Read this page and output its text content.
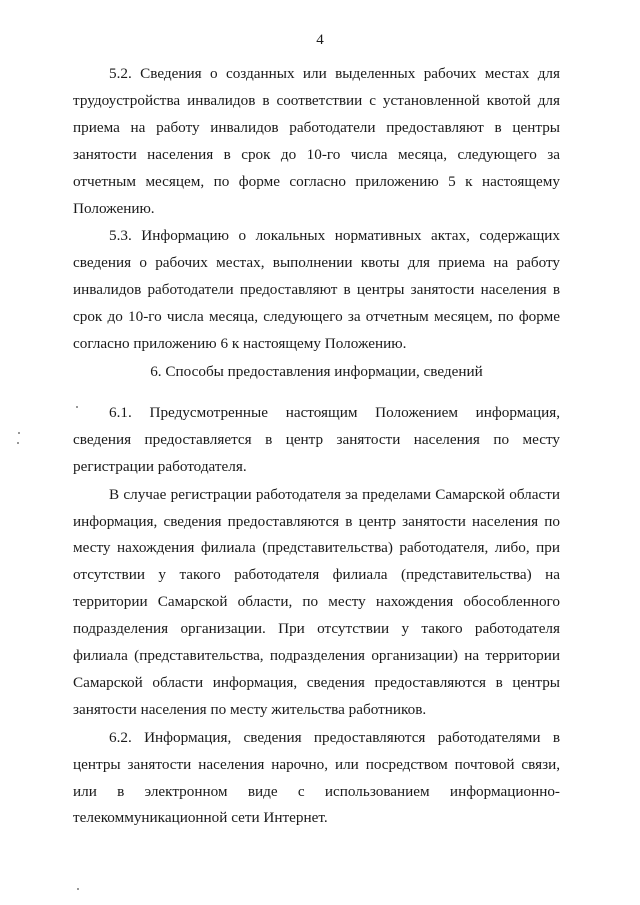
4

5.2. Сведения о созданных или выделенных рабочих местах для трудоустройства инвалидов в соответствии с установленной квотой для приема на работу инвалидов работодатели предоставляют в центры занятости населения в срок до 10-го числа месяца, следующего за отчетным месяцем, по форме согласно приложению 5 к настоящему Положению.

5.3. Информацию о локальных нормативных актах, содержащих сведения о рабочих местах, выполнении квоты для приема на работу инвалидов работодатели предоставляют в центры занятости населения в срок до 10-го числа месяца, следующего за отчетным месяцем, по форме согласно приложению 6 к настоящему Положению.

6. Способы предоставления информации, сведений

6.1. Предусмотренные настоящим Положением информация, сведения предоставляется в центр занятости населения по месту регистрации работодателя.

В случае регистрации работодателя за пределами Самарской области информация, сведения предоставляются в центр занятости населения по месту нахождения филиала (представительства) работодателя, либо, при отсутствии у такого работодателя филиала (представительства) на территории Самарской области, по месту нахождения обособленного подразделения организации. При отсутствии у такого работодателя филиала (представительства, подразделения организации) на территории Самарской области информация, сведения предоставляются в центры занятости населения по месту жительства работников.

6.2. Информация, сведения предоставляются работодателями в центры занятости населения нарочно, или посредством почтовой связи, или в электронном виде с использованием информационно-телекоммуникационной сети Интернет.
